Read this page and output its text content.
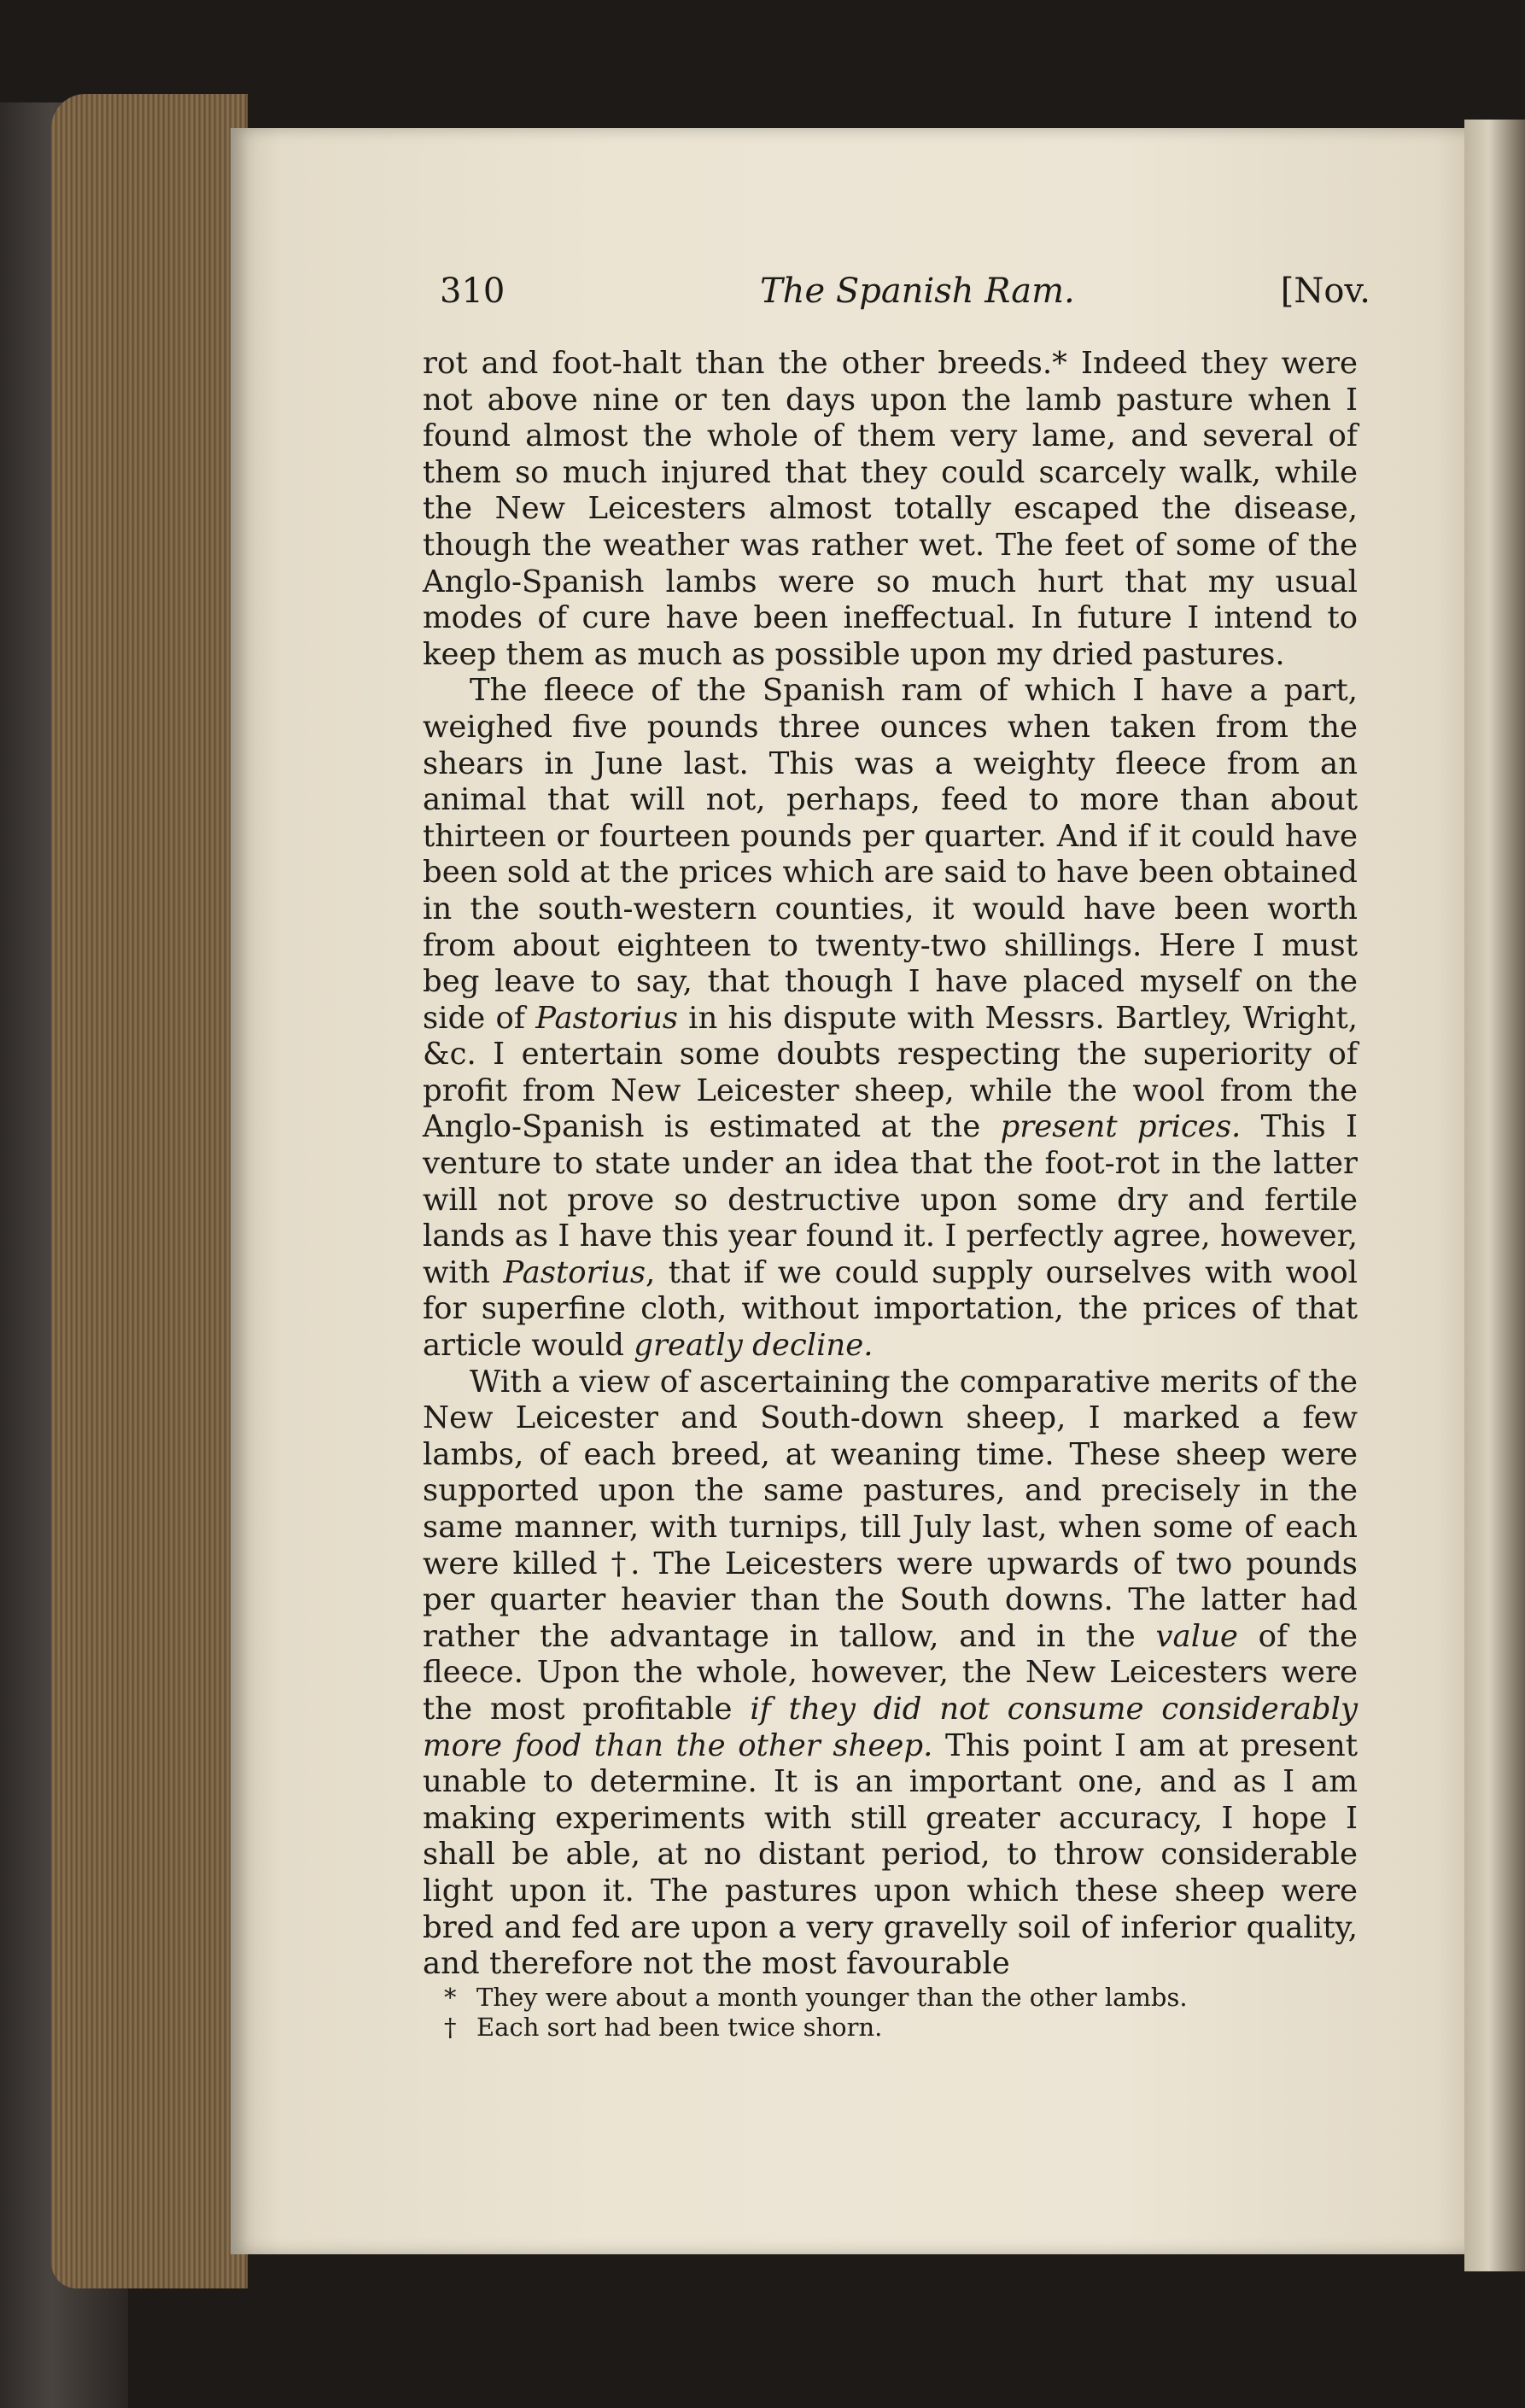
310	The Spanish Ram.	[Nov.

rot and foot-halt than the other breeds.* Indeed they were not above nine or ten days upon the lamb pasture when I found almost the whole of them very lame, and several of them so much injured that they could scarcely walk, while the New Leicesters almost totally escaped the disease, though the weather was rather wet. The feet of some of the Anglo-Spanish lambs were so much hurt that my usual modes of cure have been ineffectual. In future I intend to keep them as much as possible upon my dried pastures.

The fleece of the Spanish ram of which I have a part, weighed five pounds three ounces when taken from the shears in June last. This was a weighty fleece from an animal that will not, perhaps, feed to more than about thirteen or fourteen pounds per quarter. And if it could have been sold at the prices which are said to have been obtained in the south-western counties, it would have been worth from about eighteen to twenty-two shillings. Here I must beg leave to say, that though I have placed myself on the side of Pastorius in his dispute with Messrs. Bartley, Wright, &c. I entertain some doubts respecting the superiority of profit from New Leicester sheep, while the wool from the Anglo-Spanish is estimated at the present prices. This I venture to state under an idea that the foot-rot in the latter will not prove so destructive upon some dry and fertile lands as I have this year found it. I perfectly agree, however, with Pastorius, that if we could supply ourselves with wool for superfine cloth, without importation, the prices of that article would greatly decline.

With a view of ascertaining the comparative merits of the New Leicester and South-down sheep, I marked a few lambs, of each breed, at weaning time. These sheep were supported upon the same pastures, and precisely in the same manner, with turnips, till July last, when some of each were killed †. The Leicesters were upwards of two pounds per quarter heavier than the South downs. The latter had rather the advantage in tallow, and in the value of the fleece. Upon the whole, however, the New Leicesters were the most profitable if they did not consume considerably more food than the other sheep. This point I am at present unable to determine. It is an important one, and as I am making experiments with still greater accuracy, I hope I shall be able, at no distant period, to throw considerable light upon it. The pastures upon which these sheep were bred and fed are upon a very gravelly soil of inferior quality, and therefore not the most favourable

* They were about a month younger than the other lambs.

† Each sort had been twice shorn.
